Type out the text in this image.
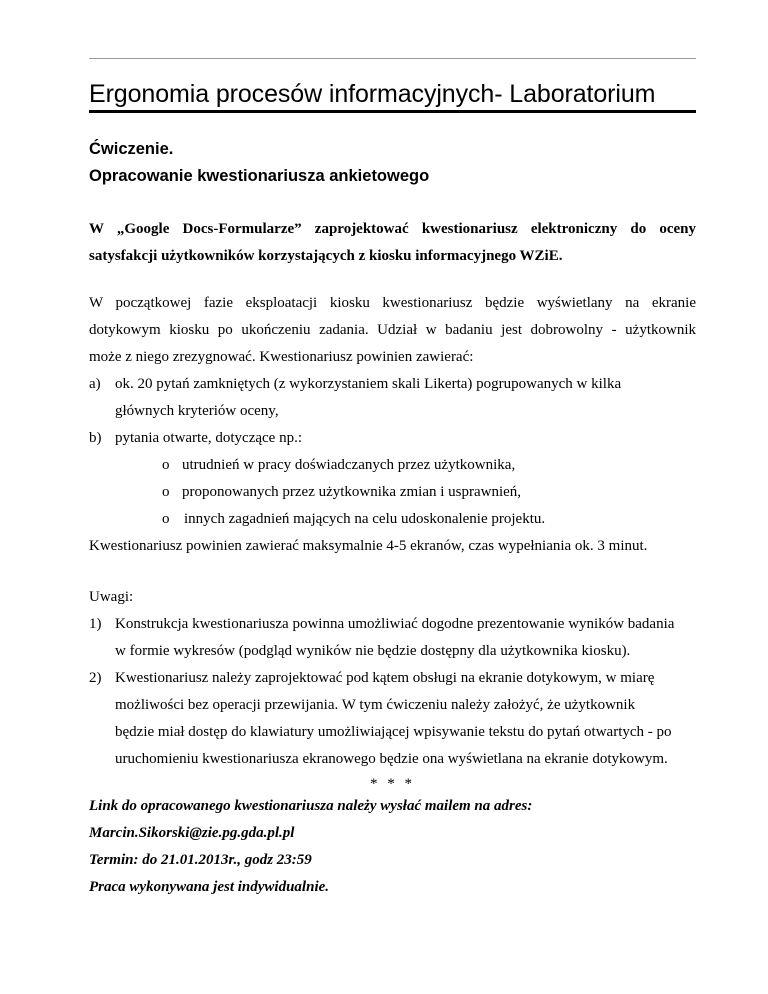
Ergonomia procesów informacyjnych- Laboratorium
Ćwiczenie.
Opracowanie kwestionariusza ankietowego
W „Google Docs-Formularze” zaprojektować kwestionariusz elektroniczny do oceny
satysfakcji użytkowników korzystających z kiosku informacyjnego WZiE.
W początkowej fazie eksploatacji kiosku kwestionariusz będzie wyświetlany na ekranie
dotykowym kiosku po ukończeniu zadania. Udział w badaniu jest dobrowolny - użytkownik
może z niego zrezygnować. Kwestionariusz powinien zawierać:
a) ok. 20 pytań zamkniętych (z wykorzystaniem skali Likerta) pogrupowanych w kilka
głównych kryteriów oceny,
b) pytania otwarte, dotyczące np.:
o utrudnień w pracy doświadczanych przez użytkownika,
o proponowanych przez użytkownika zmian i usprawnień,
o innych zagadnień mających na celu udoskonalenie projektu.
Kwestionariusz powinien zawierać maksymalnie 4-5 ekranów, czas wypełniania ok. 3 minut.
Uwagi:
1) Konstrukcja kwestionariusza powinna umożliwiać dogodne prezentowanie wyników badania
w formie wykresów (podgląd wyników nie będzie dostępny dla użytkownika kiosku).
2) Kwestionariusz należy zaprojektować pod kątem obsługi na ekranie dotykowym, w miarę
możliwości bez operacji przewijania. W tym ćwiczeniu należy założyć, że użytkownik
będzie miał dostęp do klawiatury umożliwiającej wpisywanie tekstu do pytań otwartych - po
uruchomieniu kwestionariusza ekranowego będzie ona wyświetlana na ekranie dotykowym.
* * *
Link do opracowanego kwestionariusza należy wysłać mailem na adres:
Marcin.Sikorski@zie.pg.gda.pl.pl
Termin: do 21.01.2013r., godz 23:59
Praca wykonywana jest indywidualnie.
